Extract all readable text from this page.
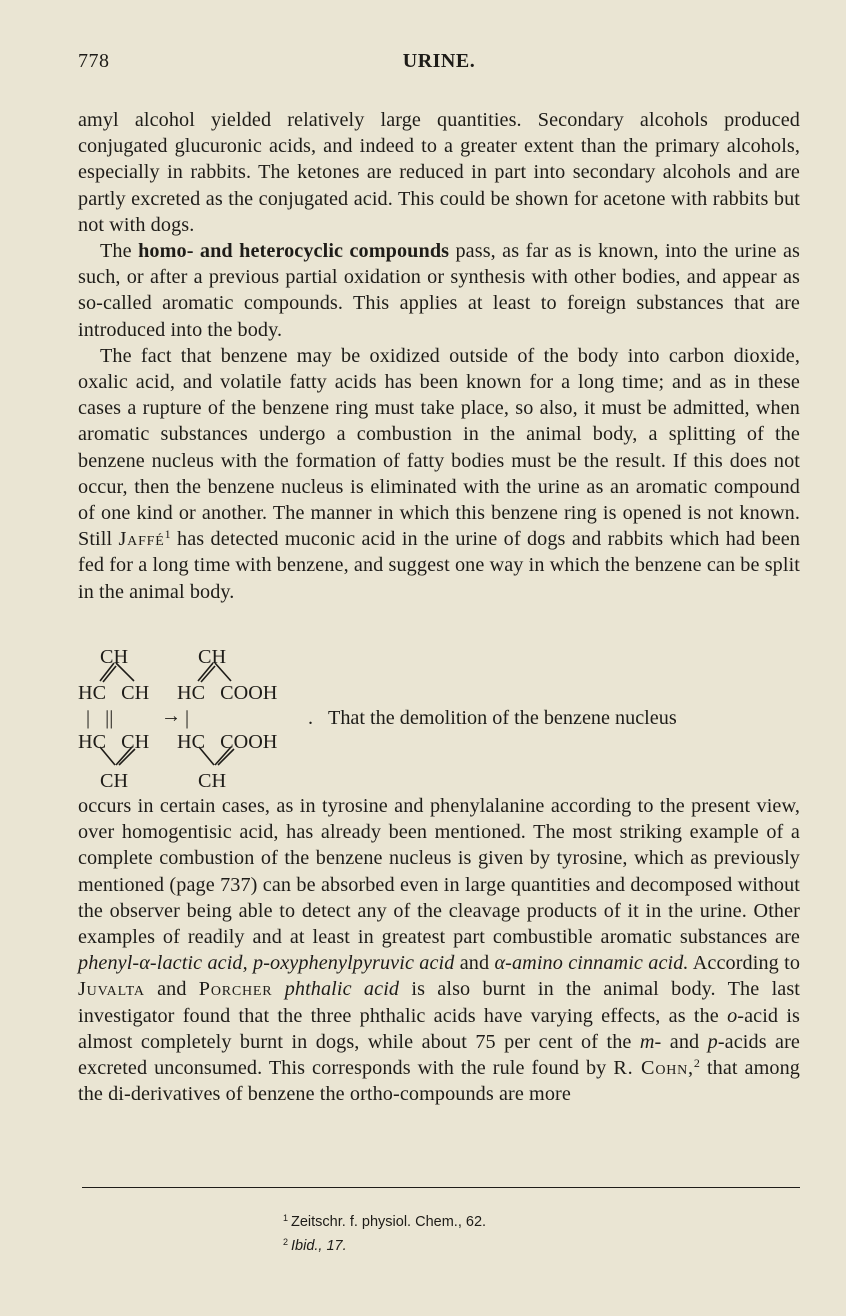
778	URINE.

amyl alcohol yielded relatively large quantities. Secondary alcohols produced conjugated glucuronic acids, and indeed to a greater extent than the primary alcohols, especially in rabbits. The ketones are reduced in part into secondary alcohols and are partly excreted as the conjugated acid. This could be shown for acetone with rabbits but not with dogs.

The homo- and heterocyclic compounds pass, as far as is known, into the urine as such, or after a previous partial oxidation or synthesis with other bodies, and appear as so-called aromatic compounds. This applies at least to foreign substances that are introduced into the body.

The fact that benzene may be oxidized outside of the body into carbon dioxide, oxalic acid, and volatile fatty acids has been known for a long time; and as in these cases a rupture of the benzene ring must take place, so also, it must be admitted, when aromatic substances undergo a combustion in the animal body, a splitting of the benzene nucleus with the formation of fatty bodies must be the result. If this does not occur, then the benzene nucleus is eliminated with the urine as an aromatic compound of one kind or another. The manner in which this benzene ring is opened is not known. Still Jaffé$^1$ has detected muconic acid in the urine of dogs and rabbits which had been fed for a long time with benzene, and suggest one way in which the benzene can be split in the animal body.

CH
HC   CH
|   || →
HC   CH
CH
CH
HC   COOH
|	.
HC   COOH
CH
That the demolition of the benzene nucleus

occurs in certain cases, as in tyrosine and phenylalanine according to the present view, over homogentisic acid, has already been mentioned. The most striking example of a complete combustion of the benzene nucleus is given by tyrosine, which as previously mentioned (page 737) can be absorbed even in large quantities and decomposed without the observer being able to detect any of the cleavage products of it in the urine. Other examples of readily and at least in greatest part combustible aromatic substances are phenyl-α-lactic acid, p-oxyphenylpyruvic acid and α-amino cinnamic acid. According to Juvalta and Porcher phthalic acid is also burnt in the animal body. The last investigator found that the three phthalic acids have varying effects, as the o-acid is almost completely burnt in dogs, while about 75 per cent of the m- and p-acids are excreted unconsumed. This corresponds with the rule found by R. Cohn,$^2$ that among the di-derivatives of benzene the ortho-compounds are more

$^1$ Zeitschr. f. physiol. Chem., 62.
$^2$ Ibid., 17.
